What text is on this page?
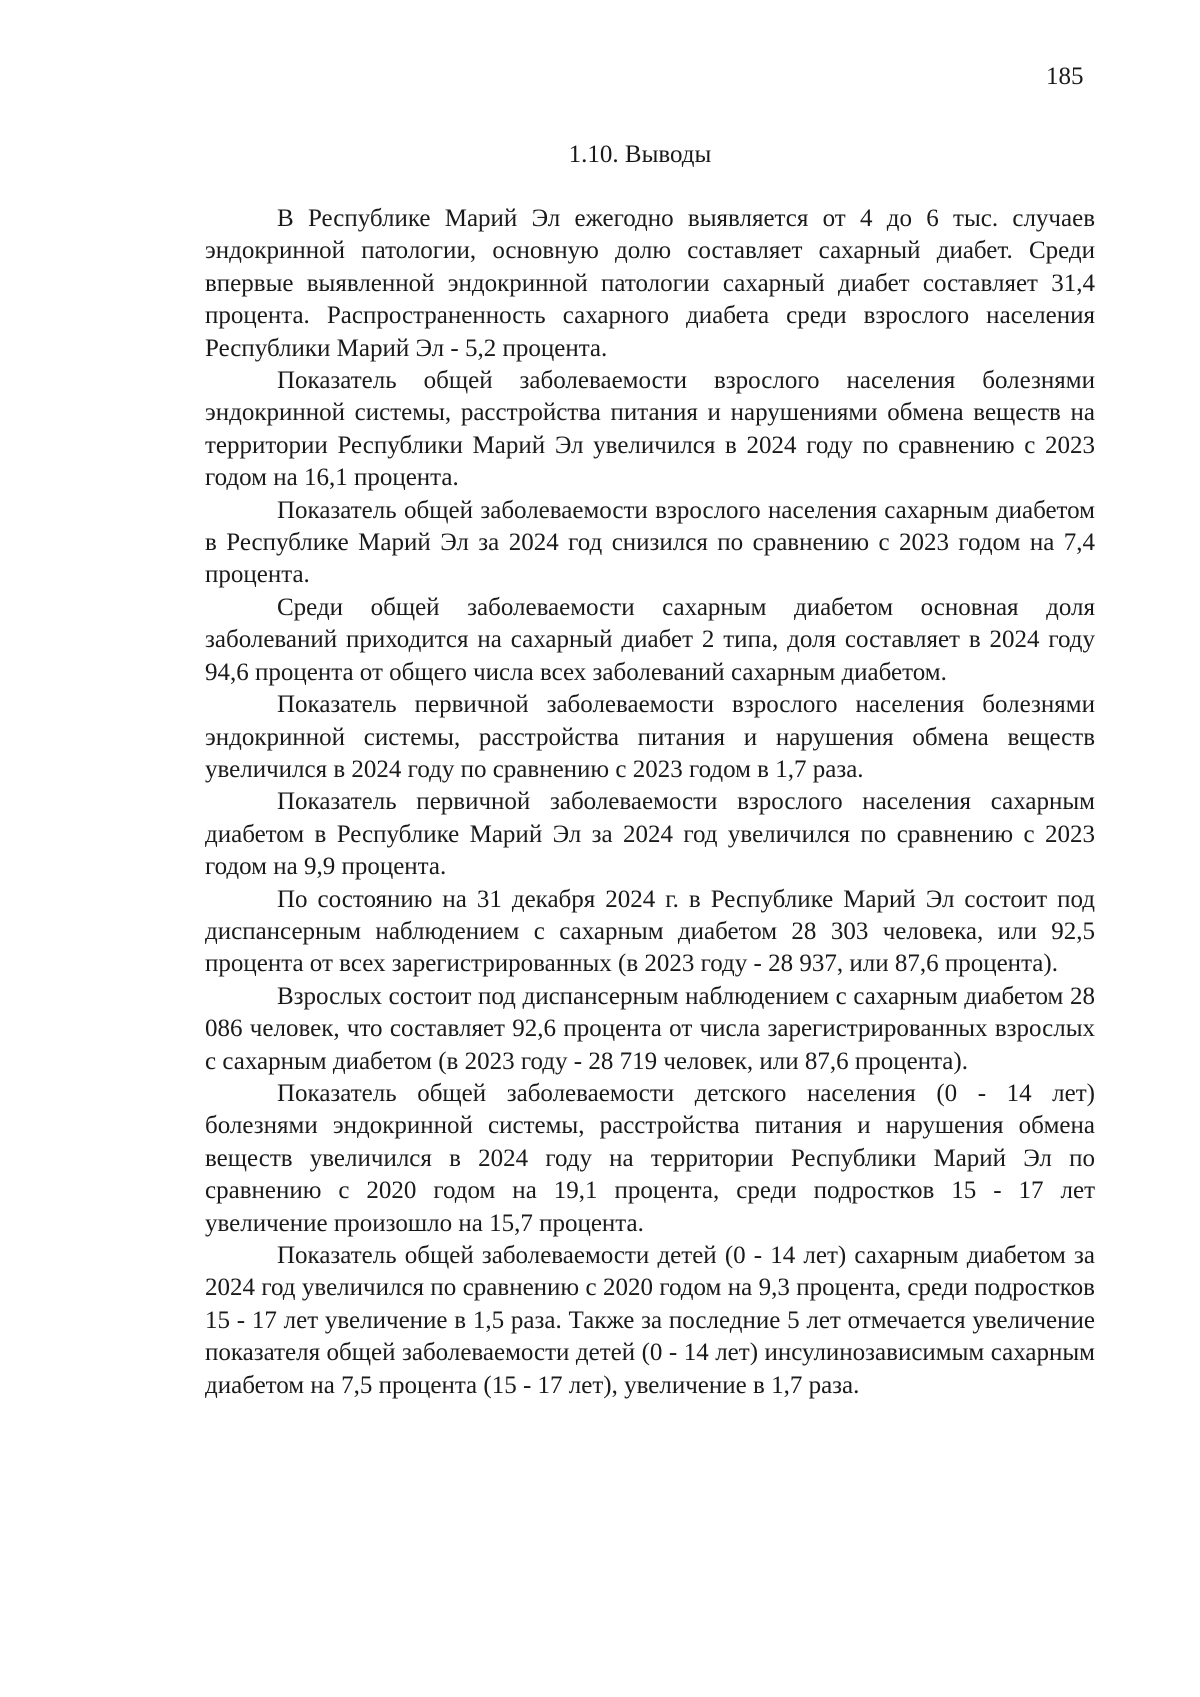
185
1.10. Выводы

В Республике Марий Эл ежегодно выявляется от 4 до 6 тыс. случаев эндокринной патологии, основную долю составляет сахарный диабет. Среди впервые выявленной эндокринной патологии сахарный диабет составляет 31,4 процента. Распространенность сахарного диабета среди взрослого населения Республики Марий Эл - 5,2 процента.

Показатель общей заболеваемости взрослого населения болезнями эндокринной системы, расстройства питания и нарушениями обмена веществ на территории Республики Марий Эл увеличился в 2024 году по сравнению с 2023 годом на 16,1 процента.

Показатель общей заболеваемости взрослого населения сахарным диабетом в Республике Марий Эл за 2024 год снизился по сравнению с 2023 годом на 7,4 процента.

Среди общей заболеваемости сахарным диабетом основная доля заболеваний приходится на сахарный диабет 2 типа, доля составляет в 2024 году 94,6 процента от общего числа всех заболеваний сахарным диабетом.

Показатель первичной заболеваемости взрослого населения болезнями эндокринной системы, расстройства питания и нарушения обмена веществ увеличился в 2024 году по сравнению с 2023 годом в 1,7 раза.

Показатель первичной заболеваемости взрослого населения сахарным диабетом в Республике Марий Эл за 2024 год увеличился по сравнению с 2023 годом на 9,9 процента.

По состоянию на 31 декабря 2024 г. в Республике Марий Эл состоит под диспансерным наблюдением с сахарным диабетом 28 303 человека, или 92,5 процента от всех зарегистрированных (в 2023 году - 28 937, или 87,6 процента).

Взрослых состоит под диспансерным наблюдением с сахарным диабетом 28 086 человек, что составляет 92,6 процента от числа зарегистрированных взрослых с сахарным диабетом (в 2023 году - 28 719 человек, или 87,6 процента).

Показатель общей заболеваемости детского населения (0 - 14 лет) болезнями эндокринной системы, расстройства питания и нарушения обмена веществ увеличился в 2024 году на территории Республики Марий Эл по сравнению с 2020 годом на 19,1 процента, среди подростков 15 - 17 лет увеличение произошло на 15,7 процента.

Показатель общей заболеваемости детей (0 - 14 лет) сахарным диабетом за 2024 год увеличился по сравнению с 2020 годом на 9,3 процента, среди подростков 15 - 17 лет увеличение в 1,5 раза. Также за последние 5 лет отмечается увеличение показателя общей заболеваемости детей (0 - 14 лет) инсулинозависимым сахарным диабетом на 7,5 процента (15 - 17 лет), увеличение в 1,7 раза.
